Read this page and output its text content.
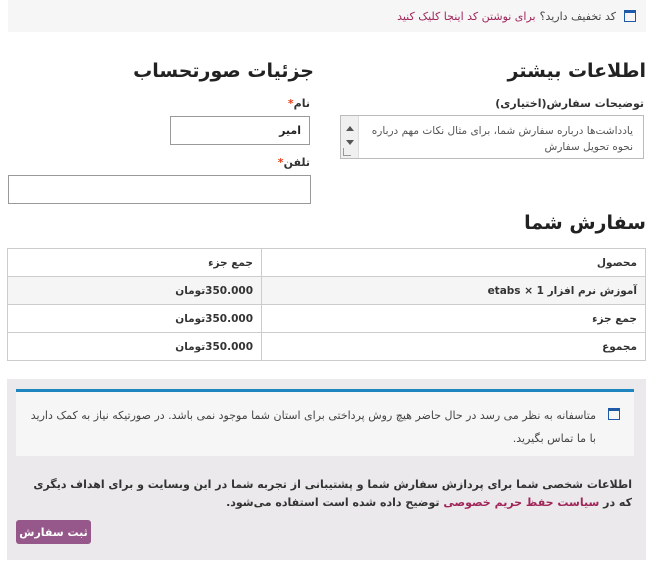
کد تخفیف دارید؟
برای نوشتن کد اینجا کلیک کنید
اطلاعات بیشتر
جزئیات صورتحساب
توضیحات سفارش(اختیاری)
یادداشت‌ها درباره سفارش شما، برای مثال نکات مهم درباره نحوه تحویل سفارش
نام*
امیر
تلفن*
سفارش شما
محصول	جمع جزء
آموزش نرم افزار etabs × 1	350.000تومان
جمع جزء	350.000تومان
مجموع	350.000تومان
متاسفانه به نظر می رسد در حال حاضر هیچ روش پرداختی برای استان شما موجود نمی باشد. در صورتیکه نیاز به کمک دارید با ما تماس بگیرید.
اطلاعات شخصی شما برای پردازش سفارش شما و پشتیبانی از تجربه شما در این وبسایت و برای اهداف دیگری که در سیاست حفظ حریم خصوصی توضیح داده شده است استفاده می‌شود.
ثبت سفارش
